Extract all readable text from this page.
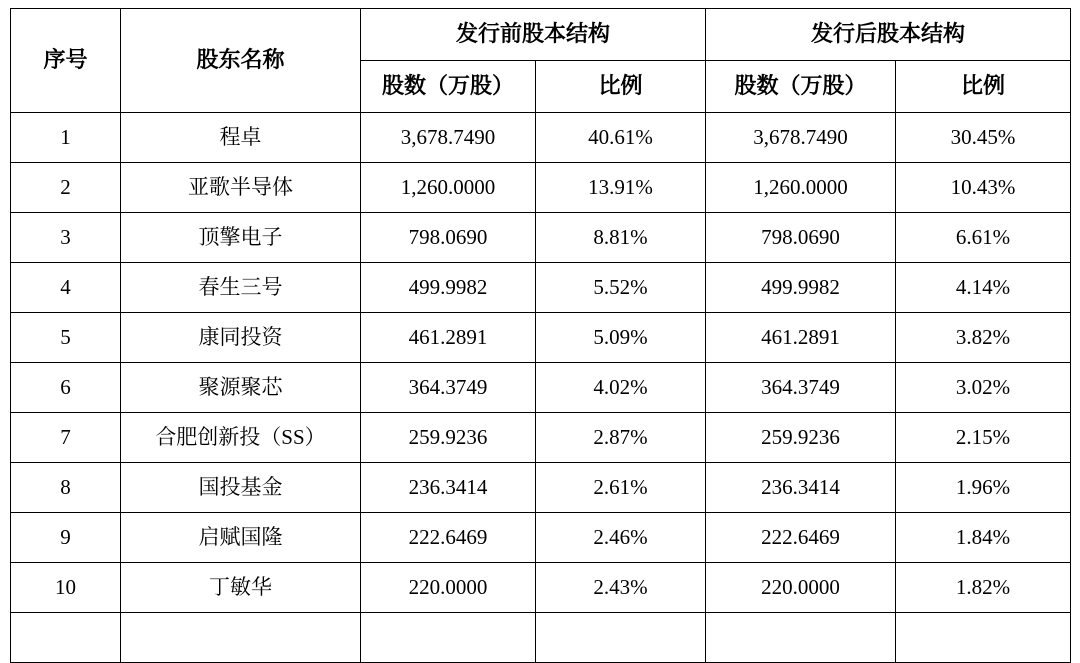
序号	股东名称	发行前股本结构		发行后股本结构	
		股数（万股）	比例	股数（万股）	比例
1	程卓	3,678.7490	40.61%	3,678.7490	30.45%
2	亚歌半导体	1,260.0000	13.91%	1,260.0000	10.43%
3	顶擎电子	798.0690	8.81%	798.0690	6.61%
4	春生三号	499.9982	5.52%	499.9982	4.14%
5	康同投资	461.2891	5.09%	461.2891	3.82%
6	聚源聚芯	364.3749	4.02%	364.3749	3.02%
7	合肥创新投（SS）	259.9236	2.87%	259.9236	2.15%
8	国投基金	236.3414	2.61%	236.3414	1.96%
9	启赋国隆	222.6469	2.46%	222.6469	1.84%
10	丁敏华	220.0000	2.43%	220.0000	1.82%
